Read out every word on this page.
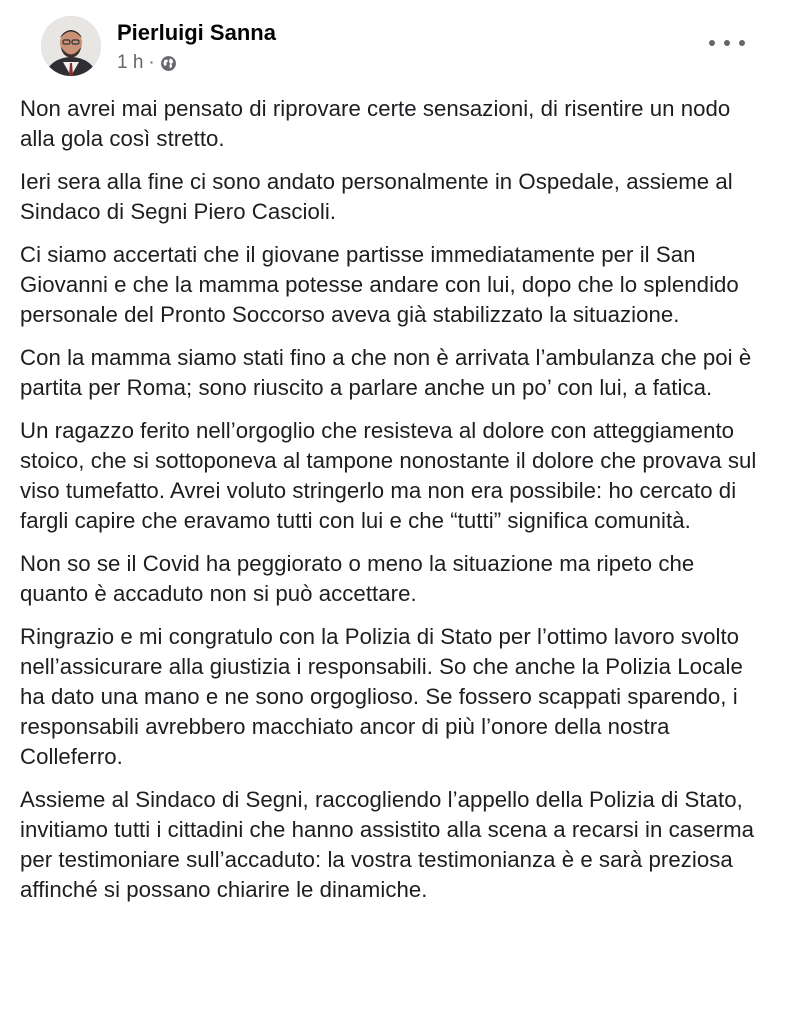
Pierluigi Sanna
1 h ·

Non avrei mai pensato di riprovare certe sensazioni, di risentire un nodo alla gola così stretto.

Ieri sera alla fine ci sono andato personalmente in Ospedale, assieme al Sindaco di Segni Piero Cascioli.

Ci siamo accertati che il giovane partisse immediatamente per il San Giovanni e che la mamma potesse andare con lui, dopo che lo splendido personale del Pronto Soccorso aveva già stabilizzato la situazione.

Con la mamma siamo stati fino a che non è arrivata l’ambulanza che poi è partita per Roma; sono riuscito a parlare anche un po’ con lui, a fatica.

Un ragazzo ferito nell’orgoglio che resisteva al dolore con atteggiamento stoico, che si sottoponeva al tampone nonostante il dolore che provava sul viso tumefatto. Avrei voluto stringerlo ma non era possibile: ho cercato di fargli capire che eravamo tutti con lui e che “tutti” significa comunità.

Non so se il Covid ha peggiorato o meno la situazione ma ripeto che quanto è accaduto non si può accettare.

Ringrazio e mi congratulo con la Polizia di Stato per l’ottimo lavoro svolto nell’assicurare alla giustizia i responsabili. So che anche la Polizia Locale ha dato una mano e ne sono orgoglioso. Se fossero scappati sparendo, i responsabili avrebbero macchiato ancor di più l’onore della nostra Colleferro.

Assieme al Sindaco di Segni, raccogliendo l’appello della Polizia di Stato, invitiamo tutti i cittadini che hanno assistito alla scena a recarsi in caserma per testimoniare sull’accaduto: la vostra testimonianza è e sarà preziosa affinché si possano chiarire le dinamiche.
